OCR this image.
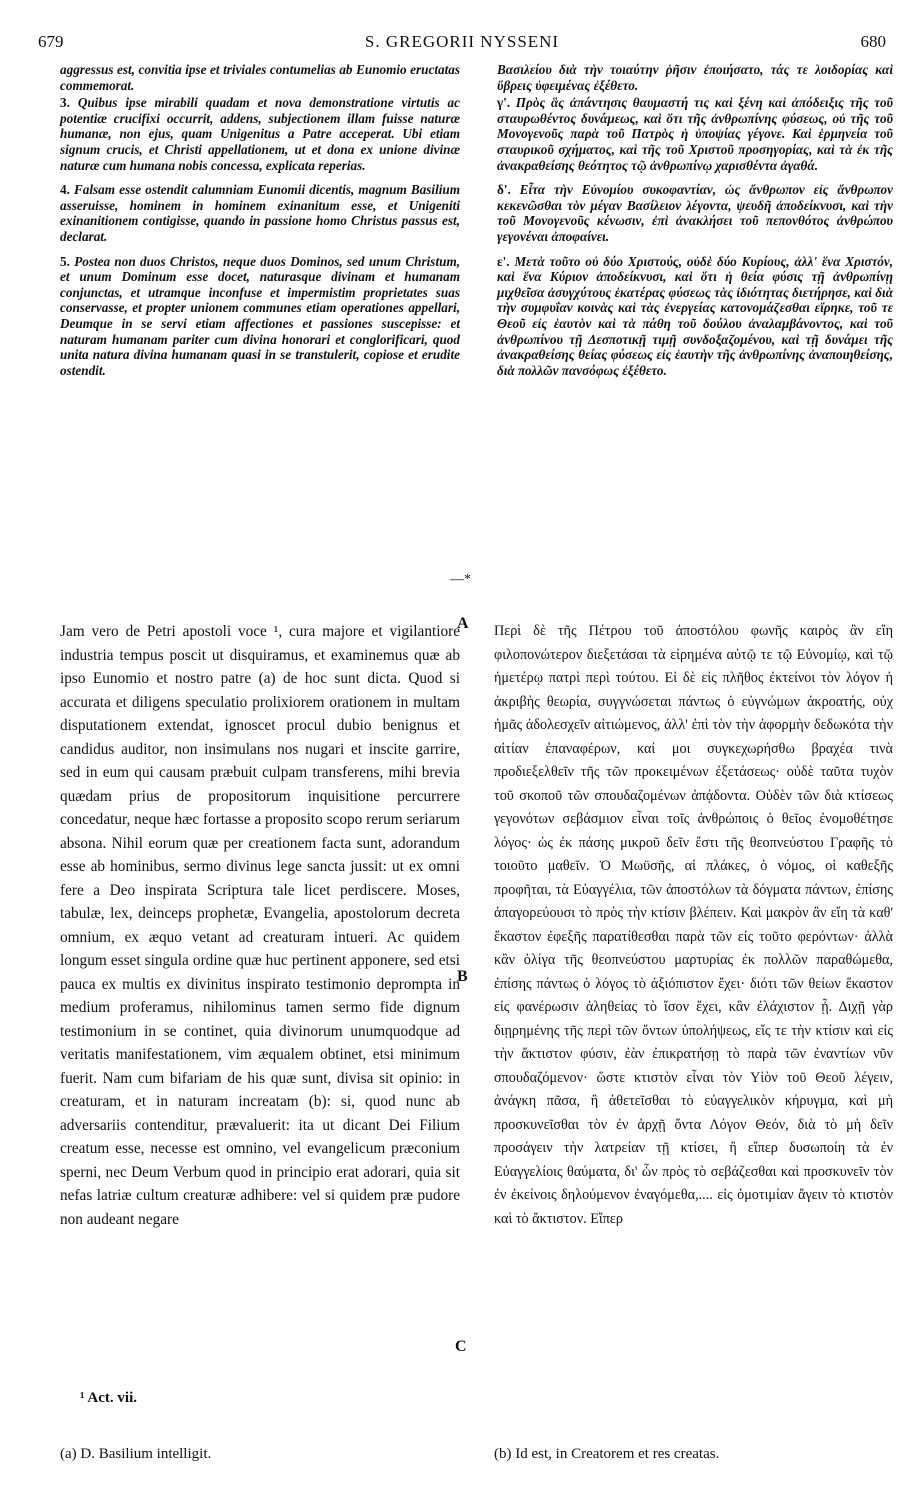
679	S. GREGORII NYSSENI	680

aggressus est, convitia ipse et triviales contumelias ab Eunomio eructatas commemorat.

3. Quibus ipse mirabili quadam et nova demonstratione virtutis ac potentiæ crucifixi occurrit, addens, subjectionem illam fuisse naturæ humanæ, non ejus, quam Unigenitus a Patre acceperat. Ubi etiam signum crucis, et Christi appellationem, ut et dona ex unione divinæ naturæ cum humana nobis concessa, explicata reperias.

4. Falsam esse ostendit calumniam Eunomii dicentis, magnum Basilium asseruisse, hominem in hominem exinanitum esse, et Unigeniti exinanitionem contigisse, quando in passione homo Christus passus est, declarat.

5. Postea non duos Christos, neque duos Dominos, sed unum Christum, et unum Dominum esse docet, naturasque divinam et humanam conjunctas, et utramque inconfuse et impermistim proprietates suas conservasse, et propter unionem communes etiam operationes appellari, Deumque in se servi etiam affectiones et passiones suscepisse: et naturam humanam pariter cum divina honorari et conglorificari, quod unita natura divina humanam quasi in se transtulerit, copiose et erudite ostendit.

Βασιλείου διὰ τὴν τοιαύτην ῥῆσιν ἐποιήσατο, τάς τε λοιδορίας καὶ ὕβρεις ὑφειμένας ἐξέθετο.

γ'. Πρὸς ἃς ἀπάντησις θαυμαστή τις καὶ ξένη καὶ ἀπόδειξις τῆς τοῦ σταυρωθέντος δυνάμεως, καὶ ὅτι τῆς ἀνθρωπίνης φύσεως, οὐ τῆς τοῦ Μονογενοῦς παρὰ τοῦ Πατρὸς ἡ ὑποψίας γέγονε. Καὶ ἑρμηνεία τοῦ σταυρικοῦ σχήματος, καὶ τῆς τοῦ Χριστοῦ προσηγορίας, καὶ τὰ ἐκ τῆς ἀνακραθείσης θεότητος τῷ ἀνθρωπίνῳ χαρισθέντα ἀγαθά.

δ'. Εἶτα τὴν Εὐνομίου συκοφαντίαν, ὡς ἄνθρωπον εἰς ἄνθρωπον κεκενῶσθαι τὸν μέγαν Βασίλειον λέγοντα, ψευδῆ ἀποδείκνυσι, καὶ τὴν τοῦ Μονογενοῦς κένωσιν, ἐπὶ ἀνακλήσει τοῦ πεπονθότος ἀνθρώπου γεγονέναι ἀποφαίνει.

ε'. Μετὰ τοῦτο οὐ δύο Χριστούς, οὐδὲ δύο Κυρίους, ἀλλ' ἕνα Χριστόν, καὶ ἕνα Κύριον ἀποδείκνυσι, καὶ ὅτι ἡ θεία φύσις τῇ ἀνθρωπίνῃ μιχθεῖσα ἀσυγχύτους ἑκατέρας φύσεως τὰς ἰδιότητας διετήρησε, καὶ διὰ τὴν συμφυΐαν κοινὰς καὶ τὰς ἐνεργείας κατονομάζεσθαι εἴρηκε, τοῦ τε Θεοῦ εἰς ἑαυτὸν καὶ τὰ πάθη τοῦ δούλου ἀναλαμβάνοντος, καὶ τοῦ ἀνθρωπίνου τῇ Δεσποτικῇ τιμῇ συνδοξαζομένου, καὶ τῇ δυνάμει τῆς ἀνακραθείσης θείας φύσεως εἰς ἑαυτὴν τῆς ἀνθρωπίνης ἀναποιηθείσης, διὰ πολλῶν πανσόφως ἐξέθετο.

—*

Jam vero de Petri apostoli voce ¹, cura majore et vigilantiore industria tempus poscit ut disquiramus, et examinemus quæ ab ipso Eunomio et nostro patre (a) de hoc sunt dicta. Quod si accurata et diligens speculatio prolixiorem orationem in multam disputationem extendat, ignoscet procul dubio benignus et candidus auditor, non insimulans nos nugari et inscite garrire, sed in eum qui causam præbuit culpam transferens, mihi brevia quædam prius de propositorum inquisitione percurrere concedatur, neque hæc fortasse a proposito scopo rerum seriarum absona. Nihil eorum quæ per creationem facta sunt, adorandum esse ab hominibus, sermo divinus lege sancta jussit: ut ex omni fere a Deo inspirata Scriptura tale licet perdiscere. Moses, tabulæ, lex, deinceps prophetæ, Evangelia, apostolorum decreta omnium, ex æquo vetant ad creaturam intueri. Ac quidem longum esset singula ordine quæ huc pertinent apponere, sed etsi pauca ex multis ex divinitus inspirato testimonio deprompta in medium proferamus, nihilominus tamen sermo fide dignum testimonium in se continet, quia divinorum unumquodque ad veritatis manifestationem, vim æqualem obtinet, etsi minimum fuerit. Nam cum bifariam de his quæ sunt, divisa sit opinio: in creaturam, et in naturam increatam (b): si, quod nunc ab adversariis contenditur, prævaluerit: ita ut dicant Dei Filium creatum esse, necesse est omnino, vel evangelicum præconium sperni, nec Deum Verbum quod in principio erat adorari, quia sit nefas latriæ cultum creaturæ adhibere: vel si quidem præ pudore non audeant negare

Περὶ δὲ τῆς Πέτρου τοῦ ἀποστόλου φωνῆς καιρὸς ἂν εἴη φιλοπονώτερον διεξετάσαι τὰ εἰρημένα αὐτῷ τε τῷ Εὐνομίῳ, καὶ τῷ ἡμετέρῳ πατρὶ περὶ τούτου. Εἰ δὲ εἰς πλῆθος ἐκτείνοι τὸν λόγον ἡ ἀκριβὴς θεωρία, συγγνώσεται πάντως ὁ εὐγνώμων ἀκροατής, οὐχ ἡμᾶς ἀδολεσχεῖν αἰτιώμενος, ἀλλ' ἐπὶ τὸν τὴν ἀφορμὴν δεδωκότα τὴν αἰτίαν ἐπαναφέρων, καί μοι συγκεχωρήσθω βραχέα τινὰ προδιεξελθεῖν τῆς τῶν προκειμένων ἐξετάσεως· οὐδὲ ταῦτα τυχὸν τοῦ σκοποῦ τῶν σπουδαζομένων ἀπᾴδοντα. Οὐδὲν τῶν διὰ κτίσεως γεγονότων σεβάσμιον εἶναι τοῖς ἀνθρώποις ὁ θεῖος ἐνομοθέτησε λόγος· ὡς ἐκ πάσης μικροῦ δεῖν ἔστι τῆς θεοπνεύστου Γραφῆς τὸ τοιοῦτο μαθεῖν. Ὁ Μωϋσῆς, αἱ πλάκες, ὁ νόμος, οἱ καθεξῆς προφῆται, τὰ Εὐαγγέλια, τῶν ἀποστόλων τὰ δόγματα πάντων, ἐπίσης ἀπαγορεύουσι τὸ πρὸς τὴν κτίσιν βλέπειν. Καὶ μακρὸν ἂν εἴη τὰ καθ' ἕκαστον ἐφεξῆς παρατίθεσθαι παρὰ τῶν εἰς τοῦτο φερόντων· ἀλλὰ κἂν ὀλίγα τῆς θεοπνεύστου μαρτυρίας ἐκ πολλῶν παραθώμεθα, ἐπίσης πάντως ὁ λόγος τὸ ἀξιόπιστον ἔχει· διότι τῶν θείων ἕκαστον εἰς φανέρωσιν ἀληθείας τὸ ἴσον ἔχει, κἂν ἐλάχιστον ᾖ. Διχῇ γὰρ διῃρημένης τῆς περὶ τῶν ὄντων ὑπολήψεως, εἴς τε τὴν κτίσιν καὶ εἰς τὴν ἄκτιστον φύσιν, ἐὰν ἐπικρατήσῃ τὸ παρὰ τῶν ἐναντίων νῦν σπουδαζόμενον· ὥστε κτιστὸν εἶναι τὸν Υἱὸν τοῦ Θεοῦ λέγειν, ἀνάγκη πᾶσα, ἢ ἀθετεῖσθαι τὸ εὐαγγελικὸν κήρυγμα, καὶ μὴ προσκυνεῖσθαι τὸν ἐν ἀρχῇ ὄντα Λόγον Θεόν, διὰ τὸ μὴ δεῖν προσάγειν τὴν λατρείαν τῇ κτίσει, ἢ εἴπερ δυσωποίη τὰ ἐν Εὐαγγελίοις θαύματα, δι' ὧν πρὸς τὸ σεβάζεσθαι καὶ προσκυνεῖν τὸν ἐν ἐκείνοις δηλούμενον ἐναγόμεθα,.... εἰς ὁμοτιμίαν ἄγειν τὸ κτιστὸν καὶ τὸ ἄκτιστον. Εἴπερ

A
B
C
¹ Act. vii.
(a) D. Basilium intelligit.	(b) Id est, in Creatorem et res creatas.
